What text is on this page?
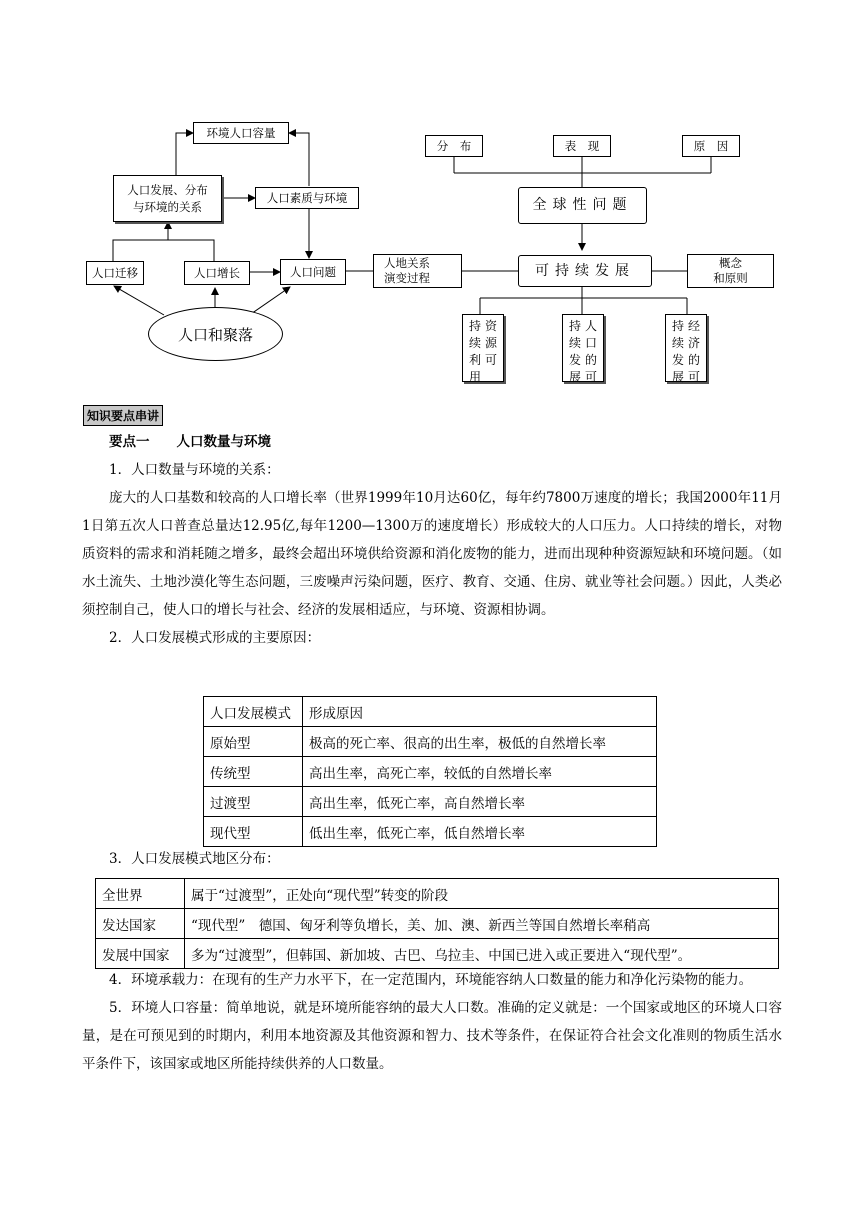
环境人口容量
人口发展、分布
与环境的关系
人口素质与环境
人口迁移	人口增长	人口问题
人口和聚落
分　布	表　现	原　因
全球性问题
可持续发展
人地关系
演变过程
概念
和原则
持续利用
资源可
持续发展
人口的可
持续发展
经济的可
知识要点串讲

要点一　　人口数量与环境

1．人口数量与环境的关系：

庞大的人口基数和较高的人口增长率（世界1999年10月达60亿，每年约7800万速度的增长；我国2000年11月1日第五次人口普查总量达12.95亿,每年1200—1300万的速度增长）形成较大的人口压力。人口持续的增长，对物质资料的需求和消耗随之增多，最终会超出环境供给资源和消化废物的能力，进而出现种种资源短缺和环境问题。（如水土流失、土地沙漠化等生态问题，三废噪声污染问题，医疗、教育、交通、住房、就业等社会问题。）因此，人类必须控制自己，使人口的增长与社会、经济的发展相适应，与环境、资源相协调。

2．人口发展模式形成的主要原因：

人口发展模式	形成原因
原始型	极高的死亡率、很高的出生率，极低的自然增长率
传统型	高出生率，高死亡率，较低的自然增长率
过渡型	高出生率，低死亡率，高自然增长率
现代型	低出生率，低死亡率，低自然增长率

3．人口发展模式地区分布：

全世界	属于“过渡型”，正处向“现代型”转变的阶段
发达国家	“现代型”　德国、匈牙利等负增长，美、加、澳、新西兰等国自然增长率稍高
发展中国家	多为“过渡型”，但韩国、新加坡、古巴、乌拉圭、中国已进入或正要进入“现代型”。

4．环境承载力：在现有的生产力水平下，在一定范围内，环境能容纳人口数量的能力和净化污染物的能力。

5．环境人口容量：简单地说，就是环境所能容纳的最大人口数。准确的定义就是：一个国家或地区的环境人口容量，是在可预见到的时期内，利用本地资源及其他资源和智力、技术等条件，在保证符合社会文化准则的物质生活水平条件下，该国家或地区所能持续供养的人口数量。
